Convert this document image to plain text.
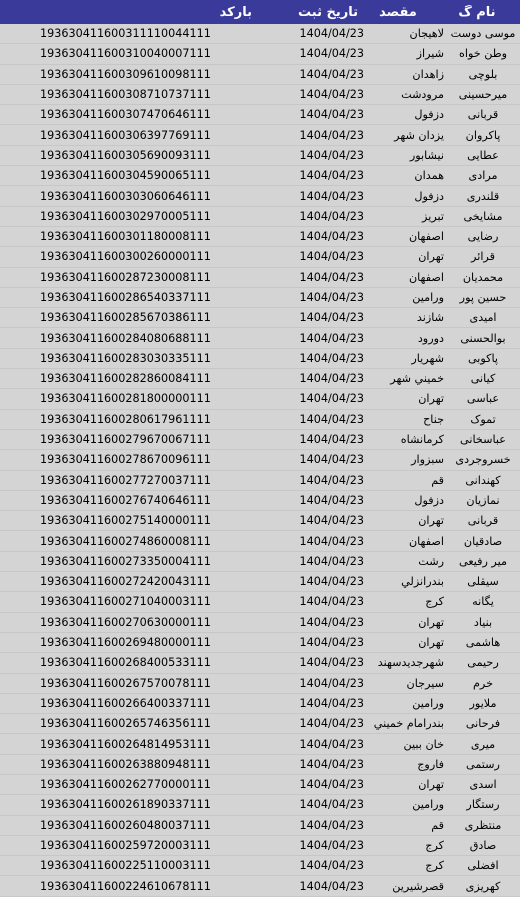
نام گ
مقصد
تاریخ ثبت
بارکد
موسی دوست
لاهيجان
1404/04/23
193630411600311110044111
وطن خواه
شيراز
1404/04/23
193630411600310040007111
بلوچی
زاهدان
1404/04/23
193630411600309610098111
میرحسینی
مرودشت
1404/04/23
193630411600308710737111
قربانی
دزفول
1404/04/23
193630411600307470646111
پاکروان
يزدان شهر
1404/04/23
193630411600306397769111
عطایی
نيشابور
1404/04/23
193630411600305690093111
مرادی
همدان
1404/04/23
193630411600304590065111
قلندری
دزفول
1404/04/23
193630411600303060646111
مشایخی
تبريز
1404/04/23
193630411600302970005111
رضایی
اصفهان
1404/04/23
193630411600301180008111
قرائر
تهران
1404/04/23
193630411600300260000111
محمدیان
اصفهان
1404/04/23
193630411600287230008111
حسین پور
ورامين
1404/04/23
193630411600286540337111
امیدی
شازند
1404/04/23
193630411600285670386111
بوالحسنی
دورود
1404/04/23
193630411600284080688111
پاکوبی
شهريار
1404/04/23
193630411600283030335111
کیانی
خميني شهر
1404/04/23
193630411600282860084111
عباسی
تهران
1404/04/23
193630411600281800000111
تموک
جناح
1404/04/23
193630411600280617961111
عباسخانی
کرمانشاه
1404/04/23
193630411600279670067111
خسروجردی
سبزوار
1404/04/23
193630411600278670096111
کهندانی
قم
1404/04/23
193630411600277270037111
نمازیان
دزفول
1404/04/23
193630411600276740646111
قربانی
تهران
1404/04/23
193630411600275140000111
صادقیان
اصفهان
1404/04/23
193630411600274860008111
میر رفیعی
رشت
1404/04/23
193630411600273350004111
سیقلی
بندرانزلي
1404/04/23
193630411600272420043111
یگانه
کرج
1404/04/23
193630411600271040003111
بنیاد
تهران
1404/04/23
193630411600270630000111
هاشمی
تهران
1404/04/23
193630411600269480000111
رحیمی
شهرجديدسهند
1404/04/23
193630411600268400533111
خرم
سيرجان
1404/04/23
193630411600267570078111
ملایور
ورامين
1404/04/23
193630411600266400337111
فرحانی
بندرامام خميني
1404/04/23
193630411600265746356111
میری
خان ببين
1404/04/23
193630411600264814953111
رستمی
فاروج
1404/04/23
193630411600263880948111
اسدی
تهران
1404/04/23
193630411600262770000111
رستگار
ورامين
1404/04/23
193630411600261890337111
منتظری
قم
1404/04/23
193630411600260480037111
صادق
کرج
1404/04/23
193630411600259720003111
افضلی
کرج
1404/04/23
193630411600225110003111
کهریزی
قصرشيرين
1404/04/23
193630411600224610678111
